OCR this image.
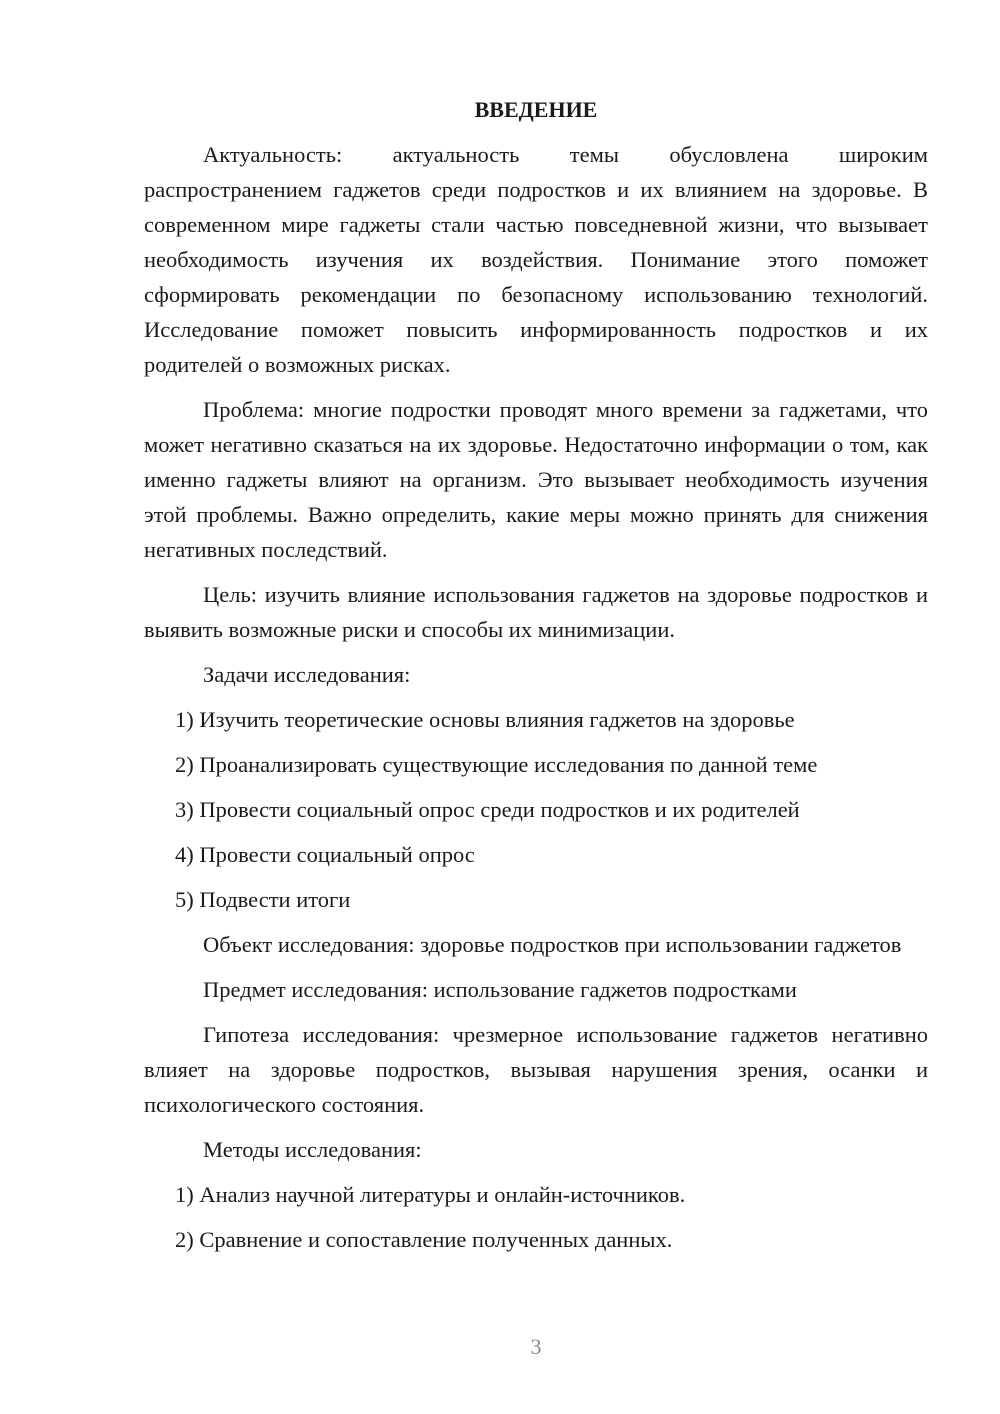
ВВЕДЕНИЕ

Актуальность: актуальность темы обусловлена широким распространением гаджетов среди подростков и их влиянием на здоровье. В современном мире гаджеты стали частью повседневной жизни, что вызывает необходимость изучения их воздействия. Понимание этого поможет сформировать рекомендации по безопасному использованию технологий. Исследование поможет повысить информированность подростков и их родителей о возможных рисках.

Проблема: многие подростки проводят много времени за гаджетами, что может негативно сказаться на их здоровье. Недостаточно информации о том, как именно гаджеты влияют на организм. Это вызывает необходимость изучения этой проблемы. Важно определить, какие меры можно принять для снижения негативных последствий.

Цель: изучить влияние использования гаджетов на здоровье подростков и выявить возможные риски и способы их минимизации.

Задачи исследования:

1) Изучить теоретические основы влияния гаджетов на здоровье
2) Проанализировать существующие исследования по данной теме
3) Провести социальный опрос среди подростков и их родителей
4) Провести социальный опрос
5) Подвести итоги

Объект исследования: здоровье подростков при использовании гаджетов

Предмет исследования: использование гаджетов подростками

Гипотеза исследования: чрезмерное использование гаджетов негативно влияет на здоровье подростков, вызывая нарушения зрения, осанки и психологического состояния.

Методы исследования:

1) Анализ научной литературы и онлайн-источников.
2) Сравнение и сопоставление полученных данных.
3
